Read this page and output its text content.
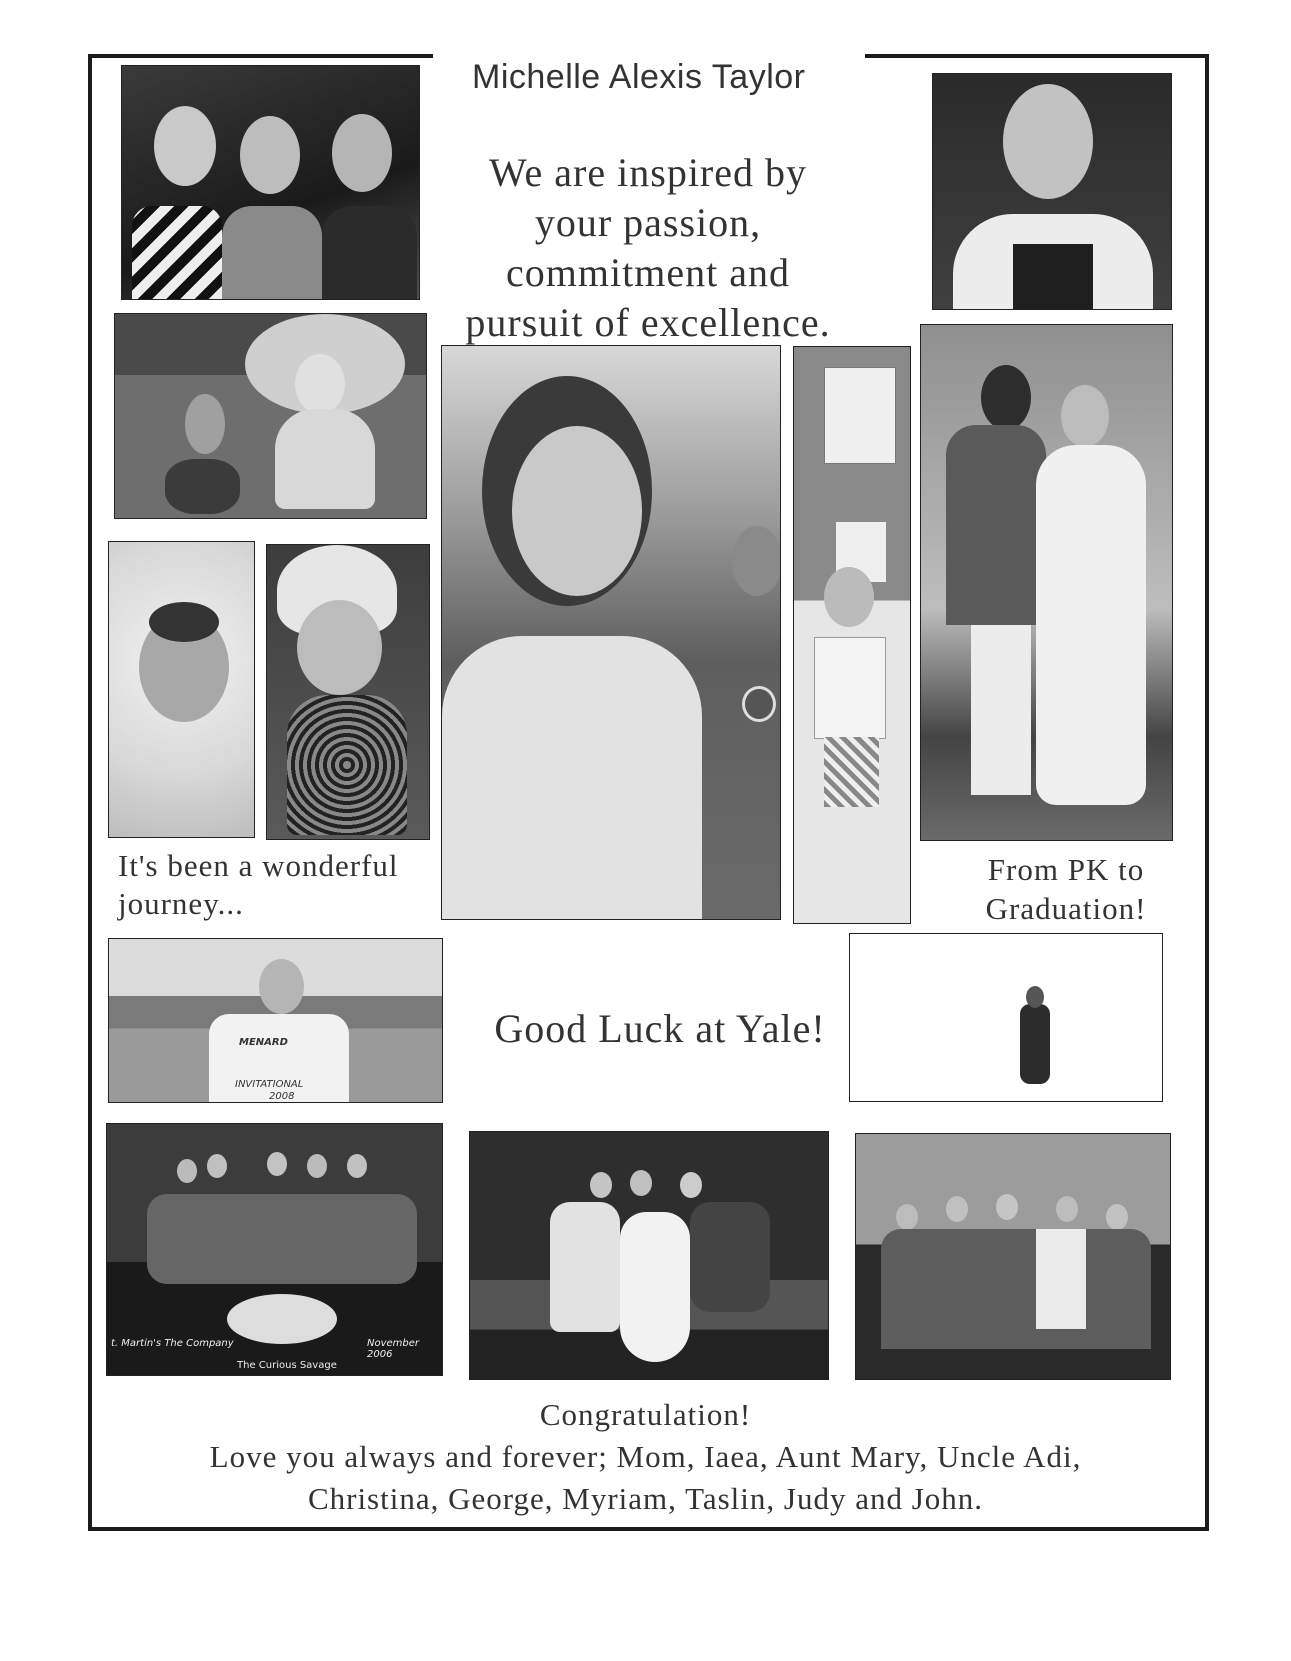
MENARD
INVITATIONAL
2008
t. Martin's The Company	November 2006
The Curious Savage
Michelle Alexis Taylor
We are inspired by
your passion,
commitment and
pursuit of excellence.
It's been a wonderful
journey...
From PK to
Graduation!
Good Luck at Yale!
Congratulation!
Love you always and forever; Mom, Iaea, Aunt Mary, Uncle Adi,
Christina, George, Myriam, Taslin, Judy and John.
